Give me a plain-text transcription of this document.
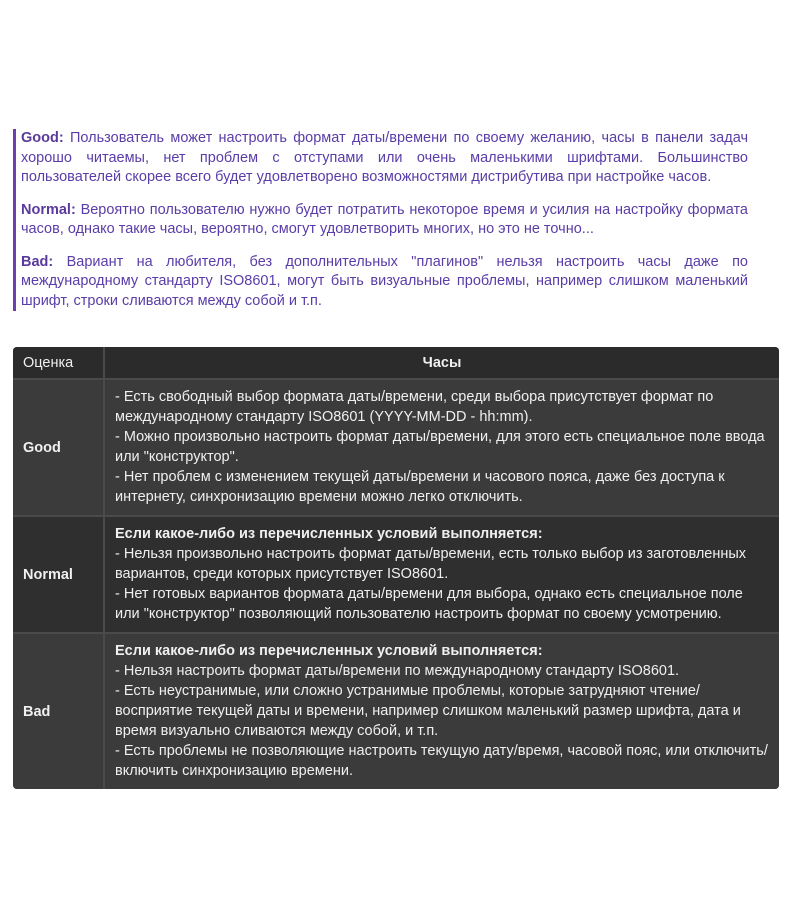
Good: Пользователь может настроить формат даты/времени по своему желанию, часы в панели задач хорошо читаемы, нет проблем с отступами или очень маленькими шрифтами. Большинство пользователей скорее всего будет удовлетворено возможностями дистрибутива при настройке часов.

Normal: Вероятно пользователю нужно будет потратить некоторое время и усилия на настройку формата часов, однако такие часы, вероятно, смогут удовлетворить многих, но это не точно...

Bad: Вариант на любителя, без дополнительных "плагинов" нельзя настроить часы даже по международному стандарту ISO8601, могут быть визуальные проблемы, например слишком маленький шрифт, строки сливаются между собой и т.п.

Оценка	Часы
Good	- Есть свободный выбор формата даты/времени, среди выбора присутствует формат по международному стандарту ISO8601 (YYYY-MM-DD - hh:mm).
- Можно произвольно настроить формат даты/времени, для этого есть специальное поле ввода или "конструктор".
- Нет проблем с изменением текущей даты/времени и часового пояса, даже без доступа к интернету, синхронизацию времени можно легко отключить.

Normal	Если какое-либо из перечисленных условий выполняется:
- Нельзя произвольно настроить формат даты/времени, есть только выбор из заготовленных вариантов, среди которых присутствует ISO8601.
- Нет готовых вариантов формата даты/времени для выбора, однако есть специальное поле или "конструктор" позволяющий пользователю настроить формат по своему усмотрению.

Bad	Если какое-либо из перечисленных условий выполняется:
- Нельзя настроить формат даты/времени по международному стандарту ISO8601.
- Есть неустранимые, или сложно устранимые проблемы, которые затрудняют чтение/ восприятие текущей даты и времени, например слишком маленький размер шрифта, дата и время визуально сливаются между собой, и т.п.
- Есть проблемы не позволяющие настроить текущую дату/время, часовой пояс, или отключить/включить синхронизацию времени.
